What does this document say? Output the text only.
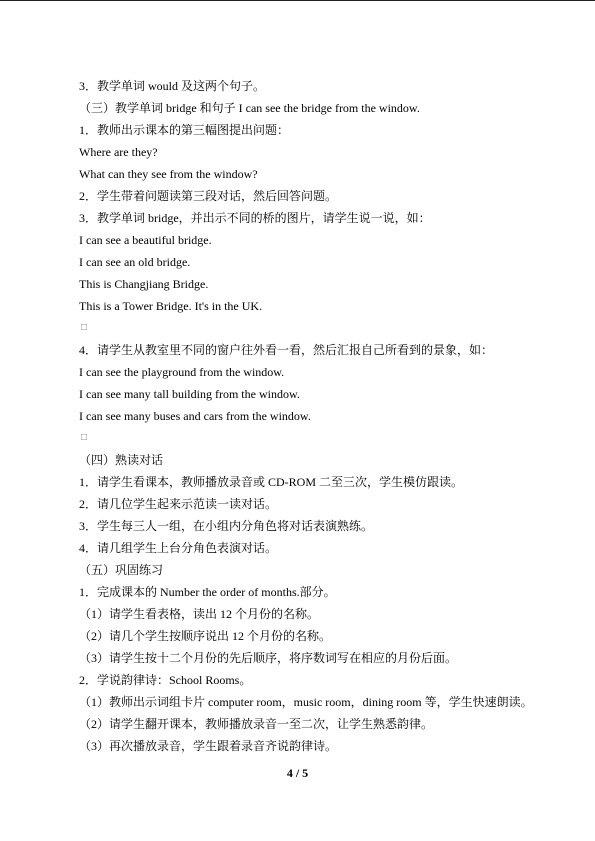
3．教学单词 would 及这两个句子。
（三）教学单词 bridge 和句子 I can see the bridge from the window.
1．教师出示课本的第三幅图提出问题：
Where are they?
What can they see from the window?
2．学生带着问题读第三段对话，然后回答问题。
3．教学单词 bridge，并出示不同的桥的图片，请学生说一说，如：
I can see a beautiful bridge.
I can see an old bridge.
This is Changjiang Bridge.
This is a Tower Bridge. It's in the UK.
□
4．请学生从教室里不同的窗户往外看一看，然后汇报自己所看到的景象，如：
I can see the playground from the window.
I can see many tall building from the window.
I can see many buses and cars from the window.
□
（四）熟读对话
1．请学生看课本，教师播放录音或 CD-ROM 二至三次，学生模仿跟读。
2．请几位学生起来示范读一读对话。
3．学生每三人一组，在小组内分角色将对话表演熟练。
4．请几组学生上台分角色表演对话。
（五）巩固练习
1．完成课本的 Number the order of months.部分。
（1）请学生看表格，读出 12 个月份的名称。
（2）请几个学生按顺序说出 12 个月份的名称。
（3）请学生按十二个月份的先后顺序，将序数词写在相应的月份后面。
2．学说韵律诗：School Rooms。
（1）教师出示词组卡片 computer room，music room，dining room 等，学生快速朗读。
（2）请学生翻开课本，教师播放录音一至二次，让学生熟悉韵律。
（3）再次播放录音，学生跟着录音齐说韵律诗。
4 / 5
